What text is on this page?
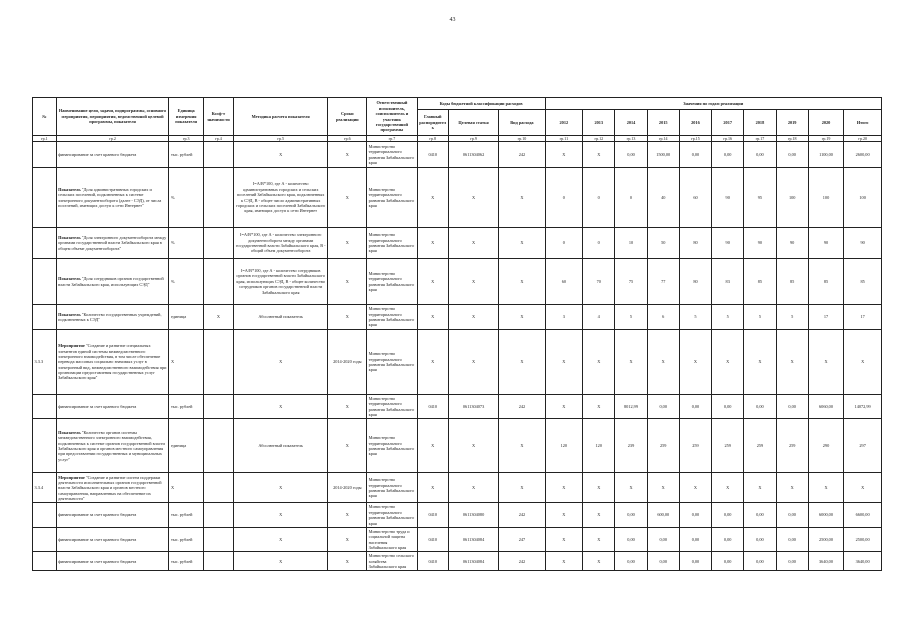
43
№	Наименование цели, задачи, подпрограммы, основного мероприятия, мероприятия, ведомственной целевой программы, показателя	Единица измерения показателя	Коэф-т значимости	Методика расчета показателя	Сроки реализации	Ответственный исполнитель, соисполнитель и участник государственной программы	Коды бюджетной классификации расходов			Значения по годам реализации									
							Главный распорядитель	Целевая статья	Вид расхода	2012	2013	2014	2015	2016	2017	2018	2019	2020	Итого
гр.1	гр.2	гр.3	гр.4	гр.5	гр.6	гр.7	гр.8	гр.9	гр.10	гр.11	гр.12	гр.13	гр.14	гр.15	гр.16	гр.17	гр.18	гр.19	гр.20
	финансирование за счет краевого бюджета	тыс. рублей		X	X	Министерство территориального развития Забайкальского края	0410	0611304062	242	X	X	0,00	1500,00	0,00	0,00	0,00	0,00	1100,00	2600,00
	Показатель "Доля административных городских и сельских поселений, подключенных к системе электронного документооборота (далее - СЭД), от числа поселений, имеющих доступ к сети Интернет"	%		I=A/B*100, где А - количество административных городских и сельских поселений Забайкальского края, подключенных к СЭД, В - общее число административных городских и сельских поселений Забайкальского края, имеющих доступ к сети Интернет	X	Министерство территориального развития Забайкальского края	X	X	X	0	0	0	40	60	90	95	100	100	100
	Показатель "Доля электронного документооборота между органами государственной власти Забайкальского края в общем объеме документооборота"	%		I=A/B*100, где А - количество электронного документооборота между органами государственной власти Забайкальского края, В - общий объем документооборота	X	Министерство территориального развития Забайкальского края	X	X	X	0	0	10	50	80	90	90	90	90	90
	Показатель "Доля сотрудников органов государственной власти Забайкальского края, использующих СЭД"	%		I=A/B*100, где А - количество сотрудников органов государственной власти Забайкальского края, использующих СЭД, В - общее количество сотрудников органов государственной власти Забайкальского края	X	Министерство территориального развития Забайкальского края	X	X	X	60	70	75	77	80	83	85	85	85	85
	Показатель "Количество государственных учреждений, подключенных к СЭД"	единица	X	Абсолютный показатель	X	Министерство территориального развития Забайкальского края	X	X	X	3	4	5	6	5	5	5	5	17	17
3.3.3	Мероприятие "Создание и развитие специальных элементов единой системы межведомственного электронного взаимодействия, в том числе обеспечение перевода массовых социально значимых услуг в электронный вид, межведомственного взаимодействия при организации предоставления государственных услуг Забайкальского края"	X		X	2014-2020 годы	Министерство территориального развития Забайкальского края	X	X	X	X	X	X	X	X	X	X	X	X	X
	финансирование за счет краевого бюджета	тыс. рублей		X	X	Министерство территориального развития Забайкальского края	0410	0611304073	242	X	X	8012,99	0,00	0,00	0,00	0,00	0,00	6060,00	14072,99
	Показатель "Количество органов системы межведомственного электронного взаимодействия, подключенных к системе органов государственной власти Забайкальского края и органов местного самоуправления при предоставлении государственных и муниципальных услуг"	единица		Абсолютный показатель	X	Министерство территориального развития Забайкальского края	X	X	X	120	120	239	259	259	259	259	259	290	297
3.3.4	Мероприятие "Создание и развитие систем поддержки деятельности исполнительных органов государственной власти Забайкальского края и органов местного самоуправления, направленных на обеспечение их деятельности"	X		X	2014-2020 годы	Министерство территориального развития Забайкальского края	X	X	X	X	X	X	X	X	X	X	X	X	X
	финансирование за счет краевого бюджета	тыс. рублей		X	X	Министерство территориального развития Забайкальского края	0410	0611304080	242	X	X	0,00	600,00	0,00	0,00	0,00	0,00	6000,00	6600,00
	финансирование за счет краевого бюджета	тыс. рублей		X	X	Министерство труда и социальной защиты населения Забайкальского края	0410	0611304084	247	X	X	0,00	0,00	0,00	0,00	0,00	0,00	2500,00	2500,00
	финансирование за счет краевого бюджета	тыс. рублей		X	X	Министерство сельского хозяйства Забайкальского края	0410	0611304084	242	X	X	0,00	0,00	0,00	0,00	0,00	0,00	3640,00	3640,00
